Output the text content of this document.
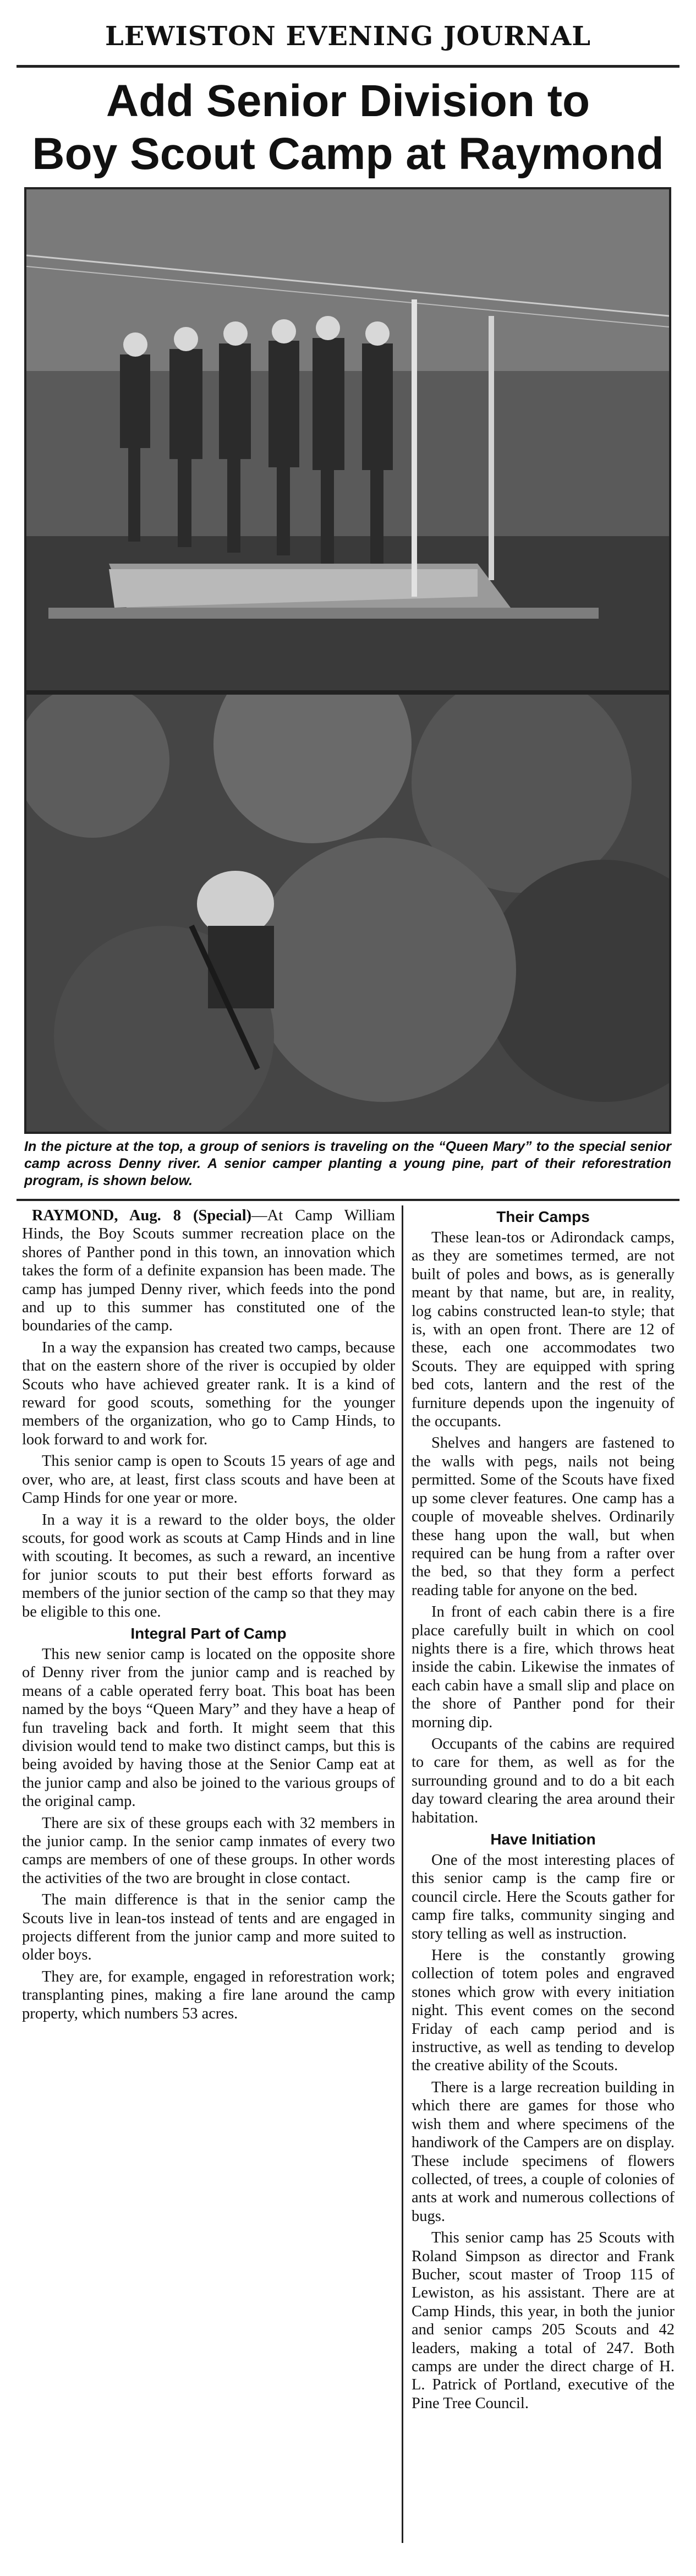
LEWISTON EVENING JOURNAL
Add Senior Division to
Boy Scout Camp at Raymond
In the picture at the top, a group of seniors is traveling on the “Queen Mary” to the special senior camp across Denny river. A senior camper planting a young pine, part of their reforestration program, is shown below.

RAYMOND, Aug. 8 (Special)—At Camp William Hinds, the Boy Scouts summer recreation place on the shores of Panther pond in this town, an innovation which takes the form of a definite expansion has been made. The camp has jumped Denny river, which feeds into the pond and up to this summer has constituted one of the boundaries of the camp.

In a way the expansion has created two camps, because that on the eastern shore of the river is occupied by older Scouts who have achieved greater rank. It is a kind of reward for good scouts, something for the younger members of the organization, who go to Camp Hinds, to look forward to and work for.

This senior camp is open to Scouts 15 years of age and over, who are, at least, first class scouts and have been at Camp Hinds for one year or more.

In a way it is a reward to the older boys, the older scouts, for good work as scouts at Camp Hinds and in line with scouting. It becomes, as such a reward, an incentive for junior scouts to put their best efforts forward as members of the junior section of the camp so that they may be eligible to this one.

Integral Part of Camp

This new senior camp is located on the opposite shore of Denny river from the junior camp and is reached by means of a cable operated ferry boat. This boat has been named by the boys “Queen Mary” and they have a heap of fun traveling back and forth. It might seem that this division would tend to make two distinct camps, but this is being avoided by having those at the Senior Camp eat at the junior camp and also be joined to the various groups of the original camp.

There are six of these groups each with 32 members in the junior camp. In the senior camp inmates of every two camps are members of one of these groups. In other words the activities of the two are brought in close contact.

The main difference is that in the senior camp the Scouts live in lean-tos instead of tents and are engaged in projects different from the junior camp and more suited to older boys.

They are, for example, engaged in reforestration work; transplanting pines, making a fire lane around the camp property, which numbers 53 acres.

Their Camps

These lean-tos or Adirondack camps, as they are sometimes termed, are not built of poles and bows, as is generally meant by that name, but are, in reality, log cabins constructed lean-to style; that is, with an open front. There are 12 of these, each one accommodates two Scouts. They are equipped with spring bed cots, lantern and the rest of the furniture depends upon the ingenuity of the occupants.

Shelves and hangers are fastened to the walls with pegs, nails not being permitted. Some of the Scouts have fixed up some clever features. One camp has a couple of moveable shelves. Ordinarily these hang upon the wall, but when required can be hung from a rafter over the bed, so that they form a perfect reading table for anyone on the bed.

In front of each cabin there is a fire place carefully built in which on cool nights there is a fire, which throws heat inside the cabin. Likewise the inmates of each cabin have a small slip and place on the shore of Panther pond for their morning dip.

Occupants of the cabins are required to care for them, as well as for the surrounding ground and to do a bit each day toward clearing the area around their habitation.

Have Initiation

One of the most interesting places of this senior camp is the camp fire or council circle. Here the Scouts gather for camp fire talks, community singing and story telling as well as instruction.

Here is the constantly growing collection of totem poles and engraved stones which grow with every initiation night. This event comes on the second Friday of each camp period and is instructive, as well as tending to develop the creative ability of the Scouts.

There is a large recreation building in which there are games for those who wish them and where specimens of the handiwork of the Campers are on display. These include specimens of flowers collected, of trees, a couple of colonies of ants at work and numerous collections of bugs.

This senior camp has 25 Scouts with Roland Simpson as director and Frank Bucher, scout master of Troop 115 of Lewiston, as his assistant. There are at Camp Hinds, this year, in both the junior and senior camps 205 Scouts and 42 leaders, making a total of 247. Both camps are under the direct charge of H. L. Patrick of Portland, executive of the Pine Tree Council.
